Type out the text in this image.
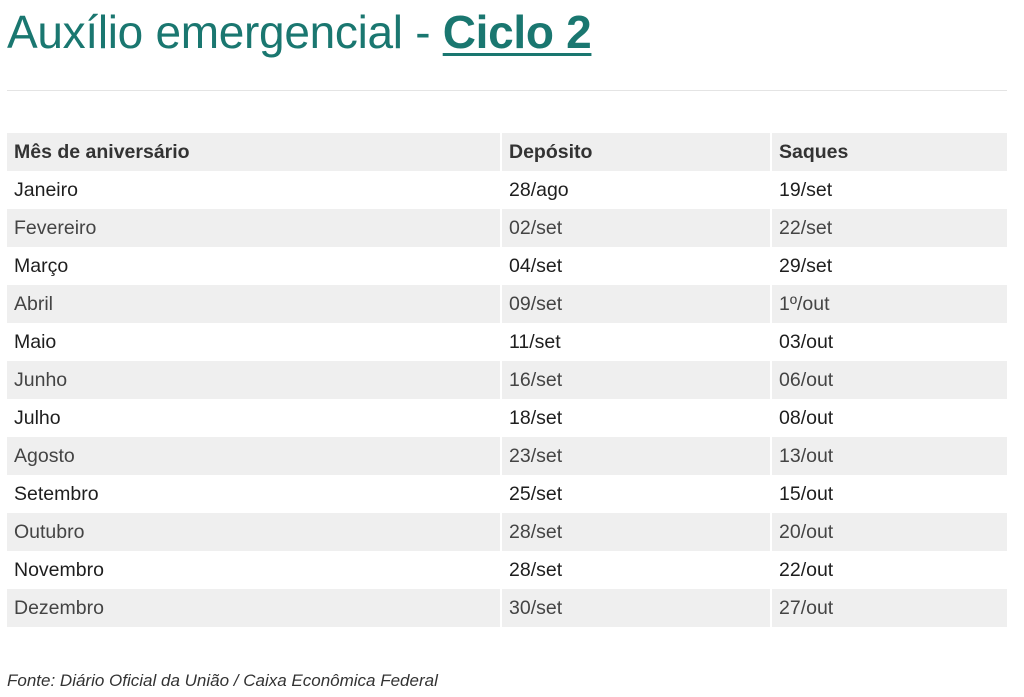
Auxílio emergencial - Ciclo 2
Mês de aniversário	Depósito	Saques
Janeiro	28/ago	19/set
Fevereiro	02/set	22/set
Março	04/set	29/set
Abril	09/set	1º/out
Maio	11/set	03/out
Junho	16/set	06/out
Julho	18/set	08/out
Agosto	23/set	13/out
Setembro	25/set	15/out
Outubro	28/set	20/out
Novembro	28/set	22/out
Dezembro	30/set	27/out

Fonte: Diário Oficial da União / Caixa Econômica Federal
